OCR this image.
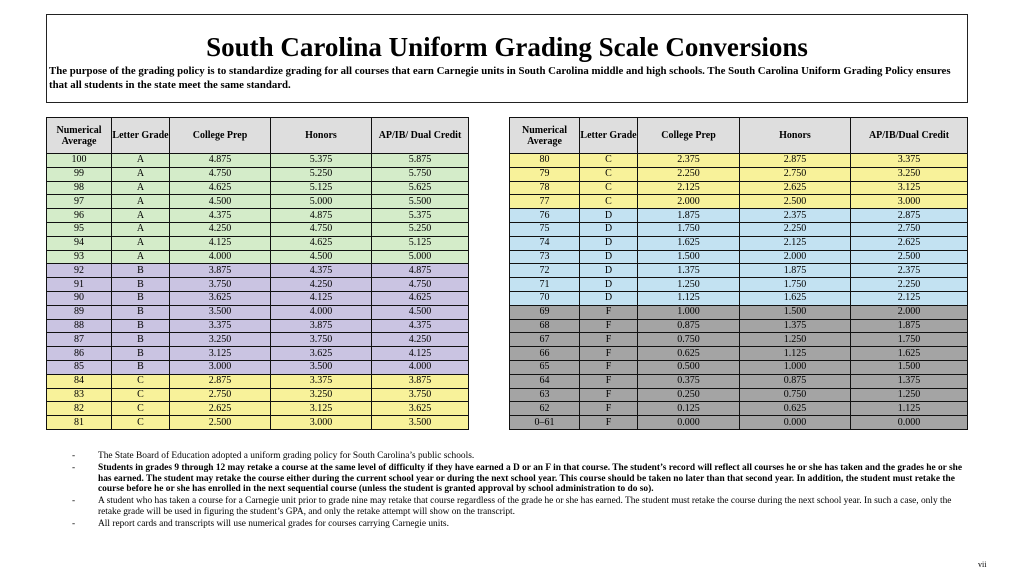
South Carolina Uniform Grading Scale Conversions
The purpose of the grading policy is to standardize grading for all courses that earn Carnegie units in South Carolina middle and high schools. The South Carolina Uniform Grading Policy ensures that all students in the state meet the same standard.
Numerical Average	Letter Grade	College Prep	Honors	AP/IB/ Dual Credit
100	A	4.875	5.375	5.875
99	A	4.750	5.250	5.750
98	A	4.625	5.125	5.625
97	A	4.500	5.000	5.500
96	A	4.375	4.875	5.375
95	A	4.250	4.750	5.250
94	A	4.125	4.625	5.125
93	A	4.000	4.500	5.000
92	B	3.875	4.375	4.875
91	B	3.750	4.250	4.750
90	B	3.625	4.125	4.625
89	B	3.500	4.000	4.500
88	B	3.375	3.875	4.375
87	B	3.250	3.750	4.250
86	B	3.125	3.625	4.125
85	B	3.000	3.500	4.000
84	C	2.875	3.375	3.875
83	C	2.750	3.250	3.750
82	C	2.625	3.125	3.625
81	C	2.500	3.000	3.500
Numerical Average	Letter Grade	College Prep	Honors	AP/IB/Dual Credit
80	C	2.375	2.875	3.375
79	C	2.250	2.750	3.250
78	C	2.125	2.625	3.125
77	C	2.000	2.500	3.000
76	D	1.875	2.375	2.875
75	D	1.750	2.250	2.750
74	D	1.625	2.125	2.625
73	D	1.500	2.000	2.500
72	D	1.375	1.875	2.375
71	D	1.250	1.750	2.250
70	D	1.125	1.625	2.125
69	F	1.000	1.500	2.000
68	F	0.875	1.375	1.875
67	F	0.750	1.250	1.750
66	F	0.625	1.125	1.625
65	F	0.500	1.000	1.500
64	F	0.375	0.875	1.375
63	F	0.250	0.750	1.250
62	F	0.125	0.625	1.125
0–61	F	0.000	0.000	0.000
- The State Board of Education adopted a uniform grading policy for South Carolina’s public schools.
- Students in grades 9 through 12 may retake a course at the same level of difficulty if they have earned a D or an F in that course. The student’s record will reflect all courses he or she has taken and the grades he or she has earned. The student may retake the course either during the current school year or during the next school year. This course should be taken no later than that second year. In addition, the student must retake the course before he or she has enrolled in the next sequential course (unless the student is granted approval by school administration to do so).
- A student who has taken a course for a Carnegie unit prior to grade nine may retake that course regardless of the grade he or she has earned. The student must retake the course during the next school year. In such a case, only the retake grade will be used in figuring the student’s GPA, and only the retake attempt will show on the transcript.
- All report cards and transcripts will use numerical grades for courses carrying Carnegie units.
vii
